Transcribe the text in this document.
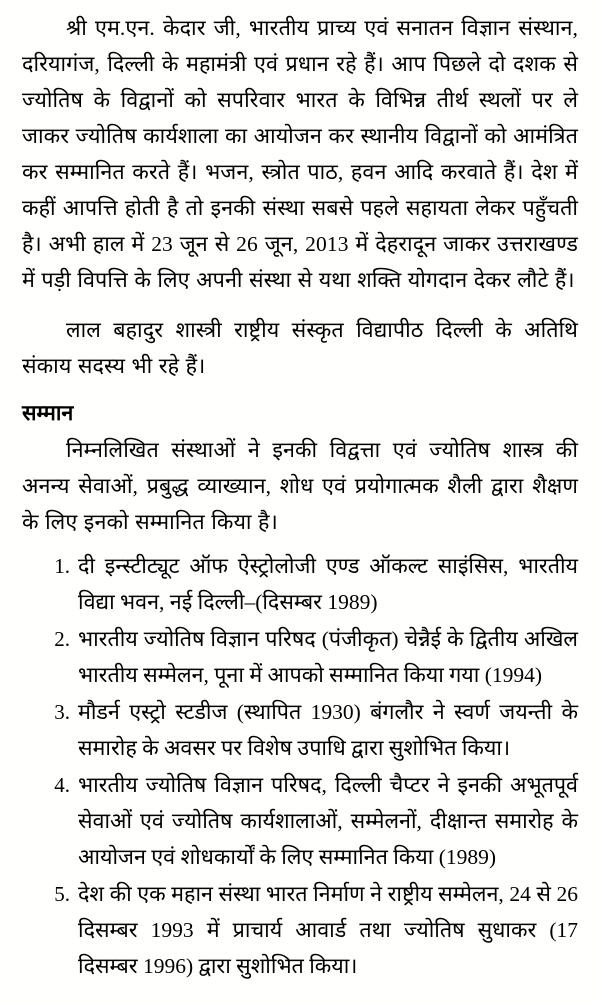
श्री एम.एन. केदार जी, भारतीय प्राच्य एवं सनातन विज्ञान संस्थान, दरियागंज, दिल्ली के महामंत्री एवं प्रधान रहे हैं। आप पिछले दो दशक से ज्योतिष के विद्वानों को सपरिवार भारत के विभिन्न तीर्थ स्थलों पर ले जाकर ज्योतिष कार्यशाला का आयोजन कर स्थानीय विद्वानों को आमंत्रित कर सम्मानित करते हैं। भजन, स्त्रोत पाठ, हवन आदि करवाते हैं। देश में कहीं आपत्ति होती है तो इनकी संस्था सबसे पहले सहायता लेकर पहुँचती है। अभी हाल में 23 जून से 26 जून, 2013 में देहरादून जाकर उत्तराखण्ड में पड़ी विपत्ति के लिए अपनी संस्था से यथा शक्ति योगदान देकर लौटे हैं।

लाल बहादुर शास्त्री राष्ट्रीय संस्कृत विद्यापीठ दिल्ली के अतिथि संकाय सदस्य भी रहे हैं।

सम्मान

निम्नलिखित संस्थाओं ने इनकी विद्वत्ता एवं ज्योतिष शास्त्र की अनन्य सेवाओं, प्रबुद्ध व्याख्यान, शोध एवं प्रयोगात्मक शैली द्वारा शैक्षण के लिए इनको सम्मानित किया है।

1. दी इन्स्टीट्यूट ऑफ ऐस्ट्रोलोजी एण्ड ऑकल्ट साइंसिस, भारतीय विद्या भवन, नई दिल्ली–(दिसम्बर 1989)
2. भारतीय ज्योतिष विज्ञान परिषद (पंजीकृत) चेन्नैई के द्वितीय अखिल भारतीय सम्मेलन, पूना में आपको सम्मानित किया गया (1994)
3. मौडर्न एस्ट्रो स्टडीज (स्थापित 1930) बंगलौर ने स्वर्ण जयन्ती के समारोह के अवसर पर विशेष उपाधि द्वारा सुशोभित किया।
4. भारतीय ज्योतिष विज्ञान परिषद, दिल्ली चैप्टर ने इनकी अभूतपूर्व सेवाओं एवं ज्योतिष कार्यशालाओं, सम्मेलनों, दीक्षान्त समारोह के आयोजन एवं शोधकार्यों के लिए सम्मानित किया (1989)
5. देश की एक महान संस्था भारत निर्माण ने राष्ट्रीय सम्मेलन, 24 से 26 दिसम्बर 1993 में प्राचार्य आवार्ड तथा ज्योतिष सुधाकर (17 दिसम्बर 1996) द्वारा सुशोभित किया।
